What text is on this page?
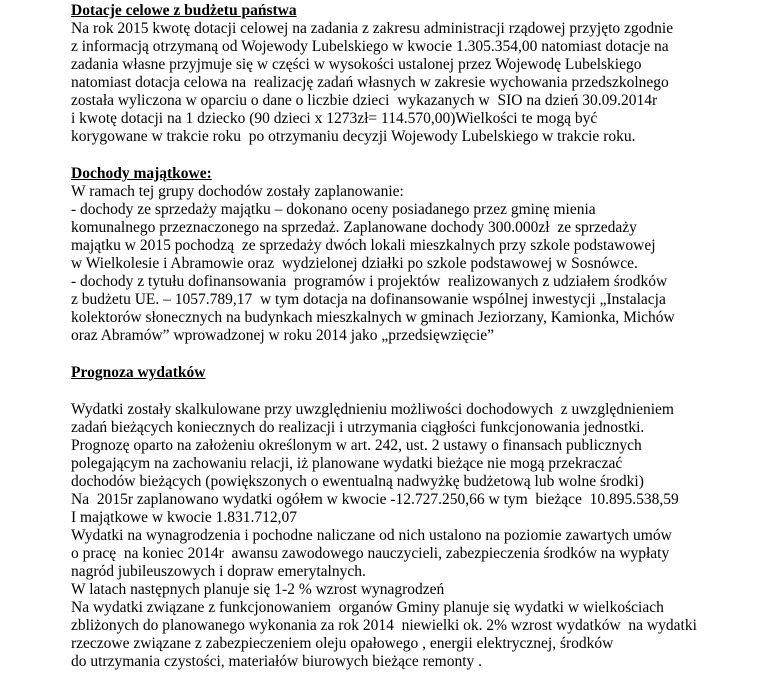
Dotacje celowe z budżetu państwa
Na rok 2015 kwotę dotacji celowej na zadania z zakresu administracji rządowej przyjęto zgodnie
z informacją otrzymaną od Wojewody Lubelskiego w kwocie 1.305.354,00 natomiast dotacje na
zadania własne przyjmuje się w części w wysokości ustalonej przez Wojewodę Lubelskiego
natomiast dotacja celowa na  realizację zadań własnych w zakresie wychowania przedszkolnego
została wyliczona w oparciu o dane o liczbie dzieci  wykazanych w  SIO na dzień 30.09.2014r
i kwotę dotacji na 1 dziecko (90 dzieci x 1273zł= 114.570,00)Wielkości te mogą być
korygowane w trakcie roku  po otrzymaniu decyzji Wojewody Lubelskiego w trakcie roku.
Dochody majątkowe:
W ramach tej grupy dochodów zostały zaplanowanie:
- dochody ze sprzedaży majątku – dokonano oceny posiadanego przez gminę mienia
komunalnego przeznaczonego na sprzedaż. Zaplanowane dochody 300.000zł  ze sprzedaży
majątku w 2015 pochodzą  ze sprzedaży dwóch lokali mieszkalnych przy szkole podstawowej
w Wielkolesie i Abramowie oraz  wydzielonej działki po szkole podstawowej w Sosnówce.
- dochody z tytułu dofinansowania  programów i projektów  realizowanych z udziałem środków
z budżetu UE. – 1057.789,17  w tym dotacja na dofinansowanie wspólnej inwestycji „Instalacja
kolektorów słonecznych na budynkach mieszkalnych w gminach Jeziorzany, Kamionka, Michów
oraz Abramów” wprowadzonej w roku 2014 jako „przedsięwzięcie”
Prognoza wydatków
Wydatki zostały skalkulowane przy uwzględnieniu możliwości dochodowych  z uwzględnieniem
zadań bieżących koniecznych do realizacji i utrzymania ciągłości funkcjonowania jednostki.
Prognozę oparto na założeniu określonym w art. 242, ust. 2 ustawy o finansach publicznych
polegającym na zachowaniu relacji, iż planowane wydatki bieżące nie mogą przekraczać
dochodów bieżących (powiększonych o ewentualną nadwyżkę budżetową lub wolne środki)
Na  2015r zaplanowano wydatki ogółem w kwocie -12.727.250,66 w tym  bieżące  10.895.538,59
I majątkowe w kwocie 1.831.712,07
Wydatki na wynagrodzenia i pochodne naliczane od nich ustalono na poziomie zawartych umów
o pracę  na koniec 2014r  awansu zawodowego nauczycieli, zabezpieczenia środków na wypłaty
nagród jubileuszowych i dopraw emerytalnych.
W latach następnych planuje się 1-2 % wzrost wynagrodzeń
Na wydatki związane z funkcjonowaniem  organów Gminy planuje się wydatki w wielkościach
zbliżonych do planowanego wykonania za rok 2014  niewielki ok. 2% wzrost wydatków  na wydatki
rzeczowe związane z zabezpieczeniem oleju opałowego , energii elektrycznej, środków
do utrzymania czystości, materiałów biurowych bieżące remonty .
